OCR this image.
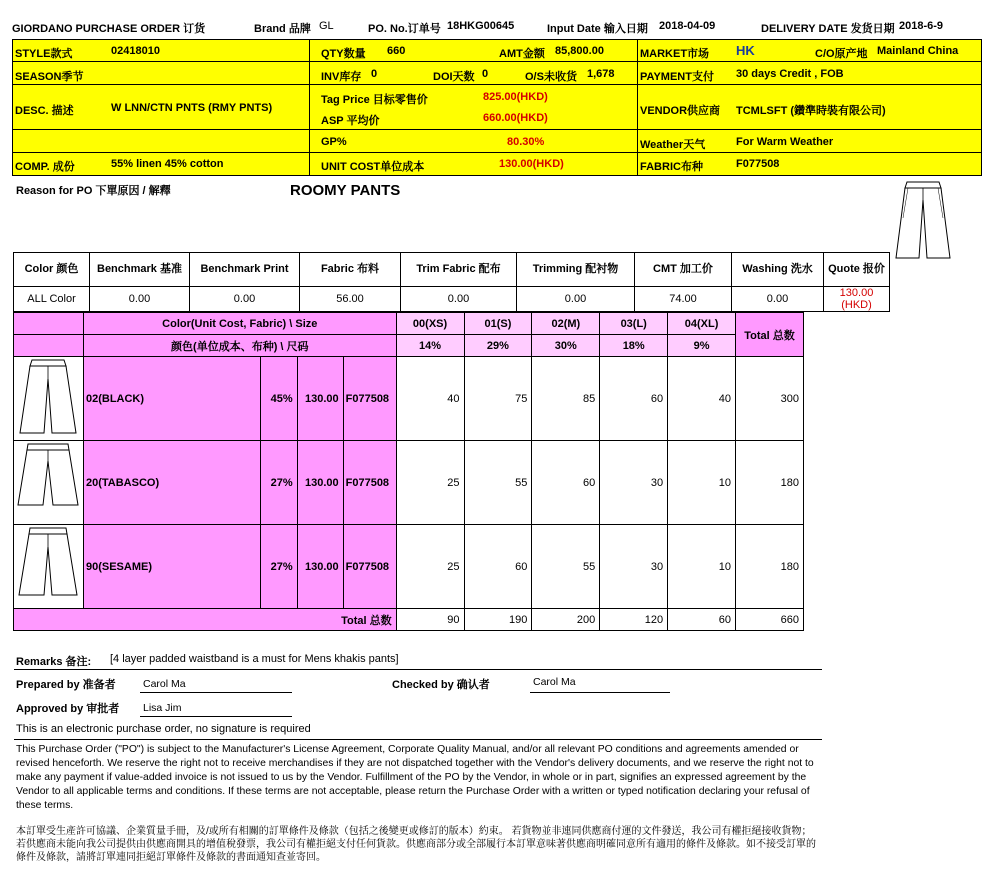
GIORDANO PURCHASE ORDER 订货	Brand 品牌 GL	PO. No.订单号 18HKG00645	Input Date 输入日期 2018-04-09	DELIVERY DATE 发货日期 2018-6-9
STYLE款式	02418010
SEASON季节
DESC. 描述	W LNN/CTN PNTS (RMY PNTS)
COMP. 成份	55% linen 45% cotton
QTY数量 660	AMT金额 85,800.00
INV库存 0	DOI天数 0	O/S未收货 1,678
Tag Price 目标零售价	825.00(HKD)
ASP 平均价	660.00(HKD)
GP%	80.30%
UNIT COST单位成本	130.00(HKD)
MARKET市场 HK	C/O原产地 Mainland China
PAYMENT支付 30 days Credit , FOB
VENDOR供应商 TCMLSFT (鑽準時裝有限公司)
Weather天气	For Warm Weather
FABRIC布种	F077508
Reason for PO 下單原因 / 解釋	ROOMY PANTS
Color 颜色	Benchmark 基准	Benchmark Print	Fabric 布料	Trim Fabric 配布	Trimming 配衬物	CMT 加工价	Washing 洗水	Quote 报价
ALL Color	0.00	0.00	56.00	0.00	0.00	74.00	0.00	130.00 (HKD)
	Color(Unit Cost, Fabric) \ Size				00(XS)	01(S)	02(M)	03(L)	04(XL)	Total 总数
	颜色(单位成本、布种) \ 尺码				14%	29%	30%	18%	9%	
	02(BLACK)	45%	130.00	F077508	40	75	85	60	40	300
	20(TABASCO)	27%	130.00	F077508	25	55	60	30	10	180
	90(SESAME)	27%	130.00	F077508	25	60	55	30	10	180
Total 总数					90	190	200	120	60	660
Remarks 备注: [4 layer padded waistband is a must for Mens khakis pants]
Prepared by 准备者	Carol Ma	Checked by 确认者	Carol Ma
Approved by 审批者 Lisa Jim
This is an electronic purchase order, no signature is required
This Purchase Order ("PO") is subject to the Manufacturer's License Agreement, Corporate Quality Manual, and/or all relevant PO conditions and agreements amended or revised henceforth. We reserve the right not to receive merchandises if they are not dispatched together with the Vendor's delivery documents, and we reserve the right not to make any payment if value-added invoice is not issued to us by the Vendor. Fulfillment of the PO by the Vendor, in whole or in part, signifies an expressed agreement by the Vendor to all applicable terms and conditions. If these terms are not acceptable, please return the Purchase Order with a written or typed notification declaring your refusal of these terms.
本訂單受生產許可協議、企業質量手冊，及/或所有相關的訂單條件及條款（包括之後變更或修訂的版本）約束。 若貨物並非連同供應商付運的文件發送，我公司有權拒絕接收貨物；若供應商未能向我公司提供由供應商開具的增值稅發票，我公司有權拒絕支付任何貨款。供應商部分或全部履行本訂單意味著供應商明確同意所有適用的條件及條款。如不接受訂單的條件及條款，請將訂單連同拒絕訂單條件及條款的書面通知查並寄回。
